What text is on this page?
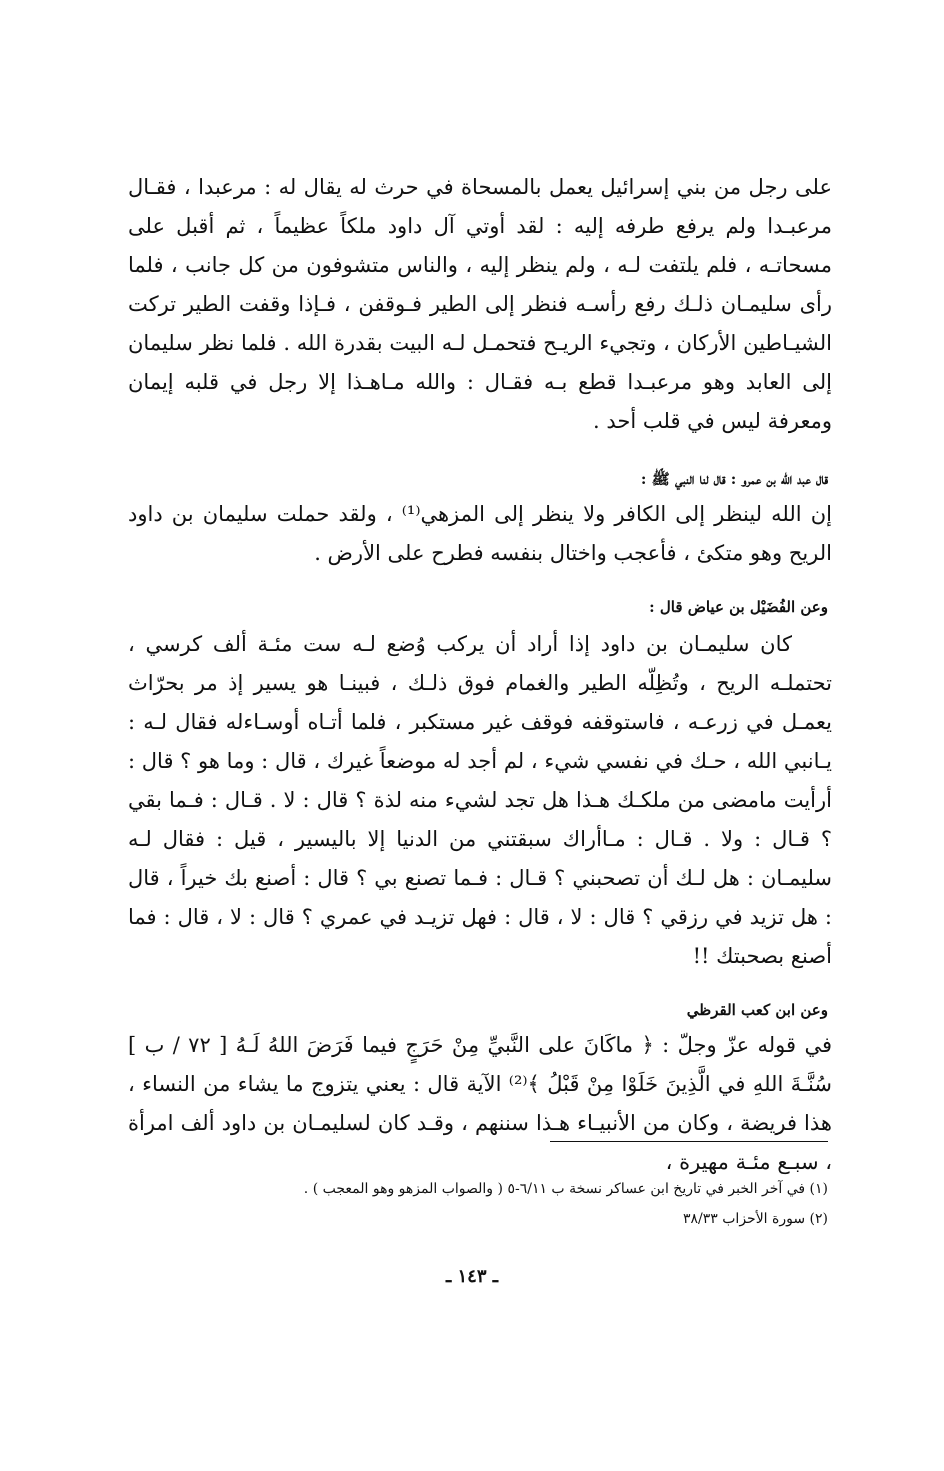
على رجل من بني إسرائيل يعمل بالمسحاة في حرث له يقال له : مرعبدا ، فقـال مرعبـدا ولم يرفع طرفه إليه : لقد أوتي آل داود ملكاً عظيماً ، ثم أقبل على مسحاتـه ، فلم يلتفت لـه ، ولم ينظر إليه ، والناس متشوفون من كل جانب ، فلما رأى سليمـان ذلـك رفع رأسـه فنظر إلى الطير فـوقفن ، فـإذا وقفت الطير تركت الشيـاطين الأركان ، وتجيء الريـح فتحمـل لـه البيت بقدرة الله . فلما نظر سليمان إلى العابد وهو مرعبـدا قطع بـه فقـال : والله مـاهـذا إلا رجل في قلبه إيمان ومعرفة ليس في قلب أحد .

قال عبد الله بن عمرو : قال لنا النبي ﷺ :

إن الله لينظر إلى الكافر ولا ينظر إلى المزهي⁽¹⁾ ، ولقد حملت سليمان بن داود الريح وهو متكئ ، فأعجب واختال بنفسه فطرح على الأرض .

وعن الفُضَيْل بن عياض قال :

كان سليمـان بن داود إذا أراد أن يركب وُضع لـه ست مئـة ألف كرسي ، تحتملـه الريح ، وتُظِلّه الطير والغمام فوق ذلـك ، فبينـا هو يسير إذ مر بحرّاث يعمـل في زرعـه ، فاستوقفه فوقف غير مستكبر ، فلما أتـاه أوسـاءله فقال لـه : يـانبي الله ، حـك في نفسي شيء ، لم أجد له موضعاً غيرك ، قال : وما هو ؟ قال : أرأيت مامضى من ملكـك هـذا هل تجد لشيء منه لذة ؟ قال : لا . قـال : فـما بقي ؟ قـال : ولا . قـال : مـاأراك سبقتني من الدنيا إلا باليسير ، قيل : فقال لـه سليمـان : هل لـك أن تصحبني ؟ قـال : فـما تصنع بي ؟ قال : أصنع بك خيراً ، قال : هل تزيد في رزقي ؟ قال : لا ، قال : فهل تزيـد في عمري ؟ قال : لا ، قال : فما أصنع بصحبتك !!

وعن ابن كعب القرظي

في قوله عزّ وجلّ : ﴿ ماكَانَ على النَّبيِّ مِنْ حَرَجٍ فيما فَرَضَ اللهُ لَـهُ [ ٧٢ / ب ] سُنَّـةَ اللهِ في الَّذِينَ خَلَوْا مِنْ قَبْلُ ﴾⁽²⁾ الآية قال : يعني يتزوج ما يشاء من النساء ، هذا فريضة ، وكان من الأنبيـاء هـذا سننهم ، وقـد كان لسليمـان بن داود ألف امرأة ، سبـع مئـة مهيرة ،

(١) في آخر الخبر في تاريخ ابن عساكر نسخة ب ٦/١١-٥ ( والصواب المزهو وهو المعجب ) .

(٢) سورة الأحزاب ٣٨/٣٣

ـ ١٤٣ ـ
